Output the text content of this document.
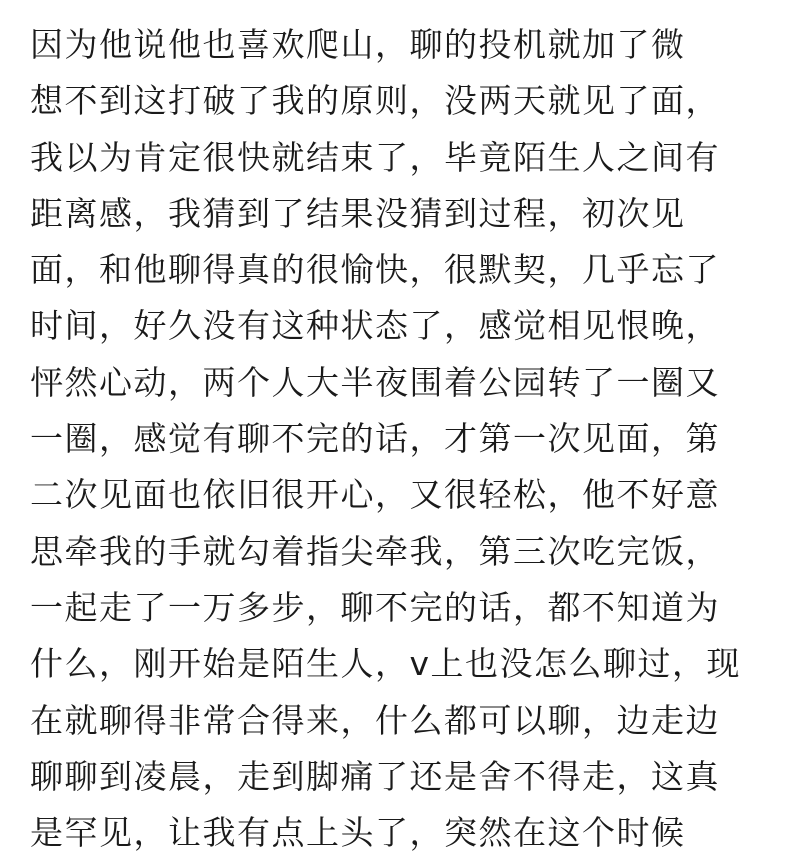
因为他说他也喜欢爬山，聊的投机就加了微
想不到这打破了我的原则，没两天就见了面，
我以为肯定很快就结束了，毕竟陌生人之间有
距离感，我猜到了结果没猜到过程，初次见
面，和他聊得真的很愉快，很默契，几乎忘了
时间，好久没有这种状态了，感觉相见恨晚，
怦然心动，两个人大半夜围着公园转了一圈又
一圈，感觉有聊不完的话，才第一次见面，第
二次见面也依旧很开心，又很轻松，他不好意
思牵我的手就勾着指尖牵我，第三次吃完饭，
一起走了一万多步，聊不完的话，都不知道为
什么，刚开始是陌生人，v上也没怎么聊过，现
在就聊得非常合得来，什么都可以聊，边走边
聊聊到凌晨，走到脚痛了还是舍不得走，这真
是罕见，让我有点上头了，突然在这个时候
